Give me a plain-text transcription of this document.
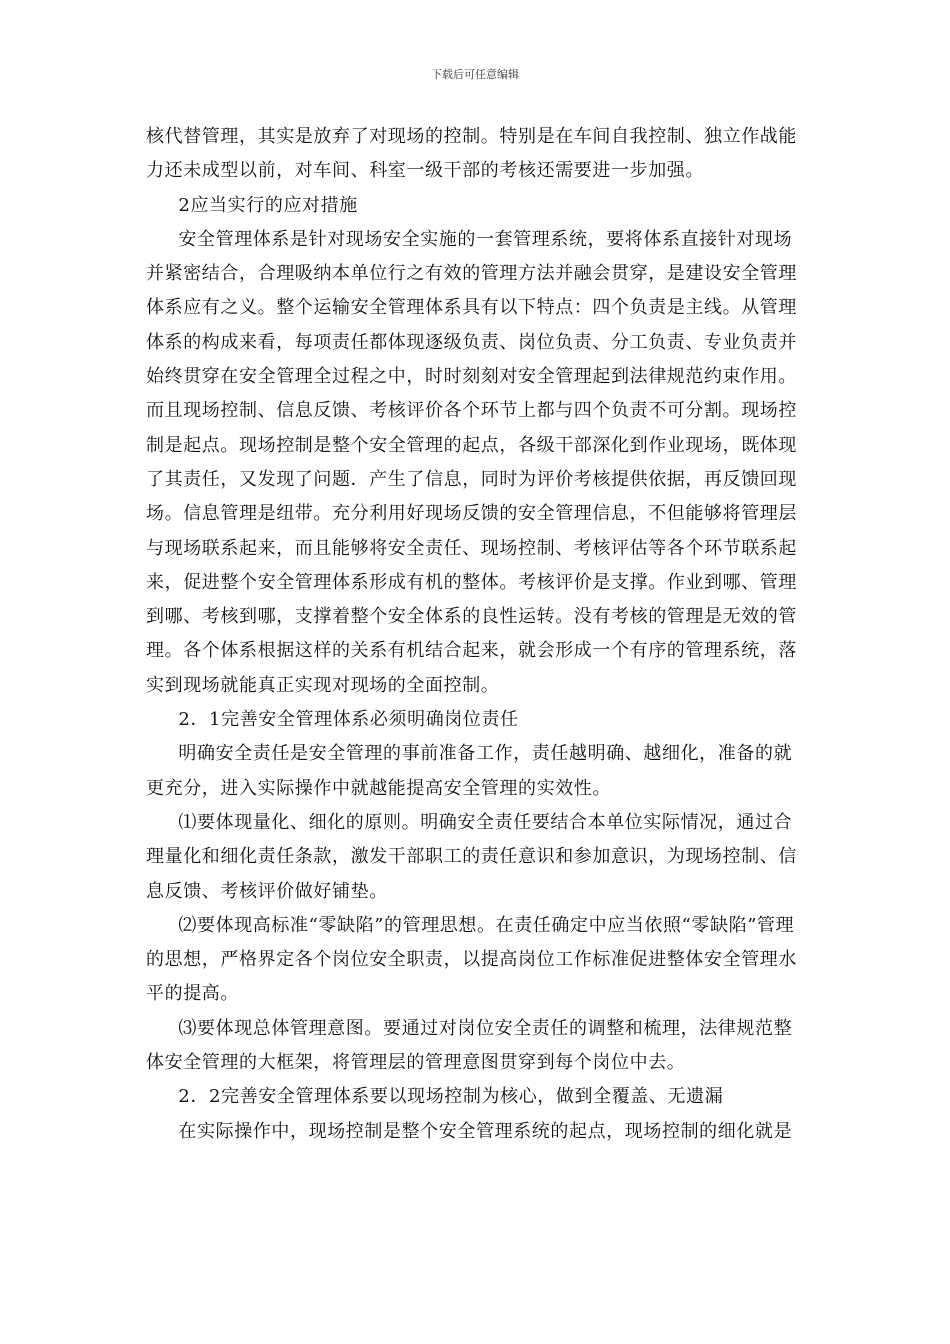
下载后可任意编辑

核代替管理，其实是放弃了对现场的控制。特别是在车间自我控制、独立作战能力还未成型以前，对车间、科室一级干部的考核还需要进一步加强。

2应当实行的应对措施

安全管理体系是针对现场安全实施的一套管理系统，要将体系直接针对现场并紧密结合，合理吸纳本单位行之有效的管理方法并融会贯穿，是建设安全管理体系应有之义。整个运输安全管理体系具有以下特点：四个负责是主线。从管理体系的构成来看，每项责任都体现逐级负责、岗位负责、分工负责、专业负责并始终贯穿在安全管理全过程之中，时时刻刻对安全管理起到法律规范约束作用。而且现场控制、信息反馈、考核评价各个环节上都与四个负责不可分割。现场控制是起点。现场控制是整个安全管理的起点，各级干部深化到作业现场，既体现了其责任，又发现了问题．产生了信息，同时为评价考核提供依据，再反馈回现场。信息管理是纽带。充分利用好现场反馈的安全管理信息，不但能够将管理层与现场联系起来，而且能够将安全责任、现场控制、考核评估等各个环节联系起来，促进整个安全管理体系形成有机的整体。考核评价是支撑。作业到哪、管理到哪、考核到哪，支撑着整个安全体系的良性运转。没有考核的管理是无效的管理。各个体系根据这样的关系有机结合起来，就会形成一个有序的管理系统，落实到现场就能真正实现对现场的全面控制。

2．1完善安全管理体系必须明确岗位责任

明确安全责任是安全管理的事前准备工作，责任越明确、越细化，准备的就更充分，进入实际操作中就越能提高安全管理的实效性。

⑴要体现量化、细化的原则。明确安全责任要结合本单位实际情况，通过合理量化和细化责任条款，激发干部职工的责任意识和参加意识，为现场控制、信息反馈、考核评价做好铺垫。

⑵要体现高标准“零缺陷”的管理思想。在责任确定中应当依照“零缺陷”管理的思想，严格界定各个岗位安全职责，以提高岗位工作标准促进整体安全管理水平的提高。

⑶要体现总体管理意图。要通过对岗位安全责任的调整和梳理，法律规范整体安全管理的大框架，将管理层的管理意图贯穿到每个岗位中去。

2．2完善安全管理体系要以现场控制为核心，做到全覆盖、无遗漏

在实际操作中，现场控制是整个安全管理系统的起点，现场控制的细化就是
